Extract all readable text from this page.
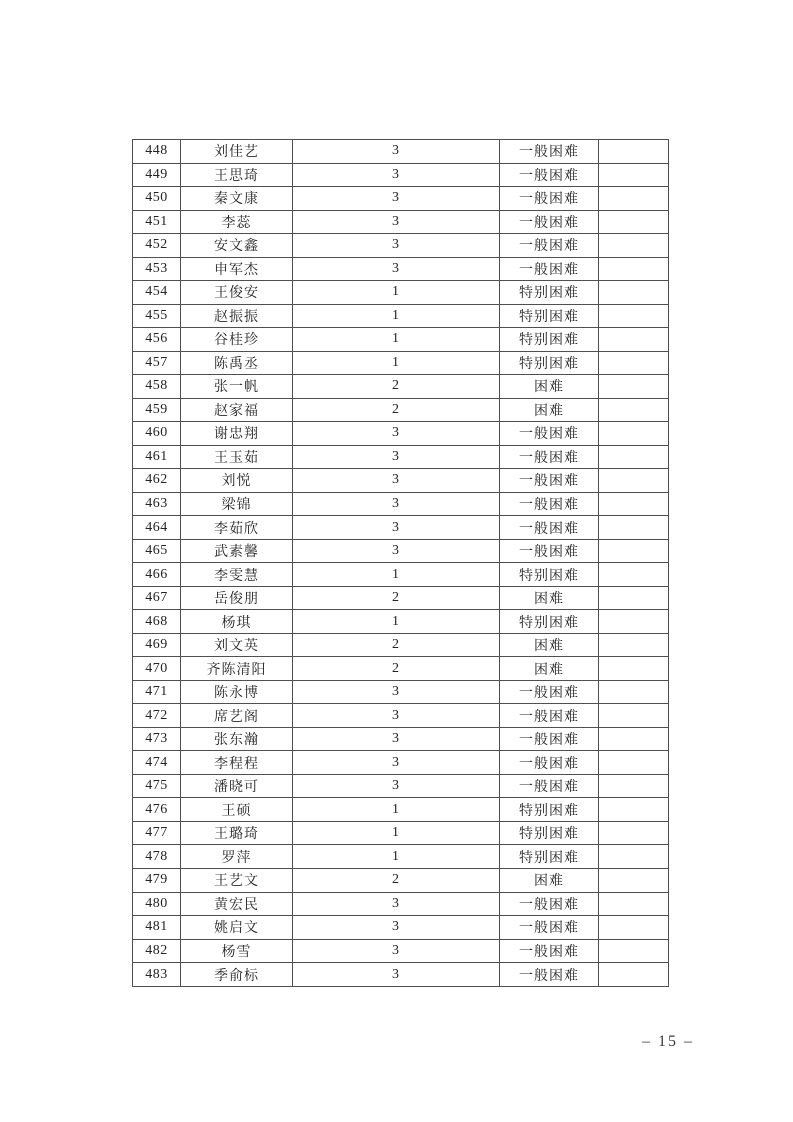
448	刘佳艺	3	一般困难	
449	王思琦	3	一般困难	
450	秦文康	3	一般困难	
451	李蕊	3	一般困难	
452	安文鑫	3	一般困难	
453	申军杰	3	一般困难	
454	王俊安	1	特别困难	
455	赵振振	1	特别困难	
456	谷桂珍	1	特别困难	
457	陈禹丞	1	特别困难	
458	张一帆	2	困难	
459	赵家福	2	困难	
460	谢忠翔	3	一般困难	
461	王玉茹	3	一般困难	
462	刘悦	3	一般困难	
463	梁锦	3	一般困难	
464	李茹欣	3	一般困难	
465	武素馨	3	一般困难	
466	李雯慧	1	特别困难	
467	岳俊朋	2	困难	
468	杨琪	1	特别困难	
469	刘文英	2	困难	
470	齐陈清阳	2	困难	
471	陈永博	3	一般困难	
472	席艺阁	3	一般困难	
473	张东瀚	3	一般困难	
474	李程程	3	一般困难	
475	潘晓可	3	一般困难	
476	王硕	1	特别困难	
477	王璐琦	1	特别困难	
478	罗萍	1	特别困难	
479	王艺文	2	困难	
480	黄宏民	3	一般困难	
481	姚启文	3	一般困难	
482	杨雪	3	一般困难	
483	季俞标	3	一般困难	
– 15 –
